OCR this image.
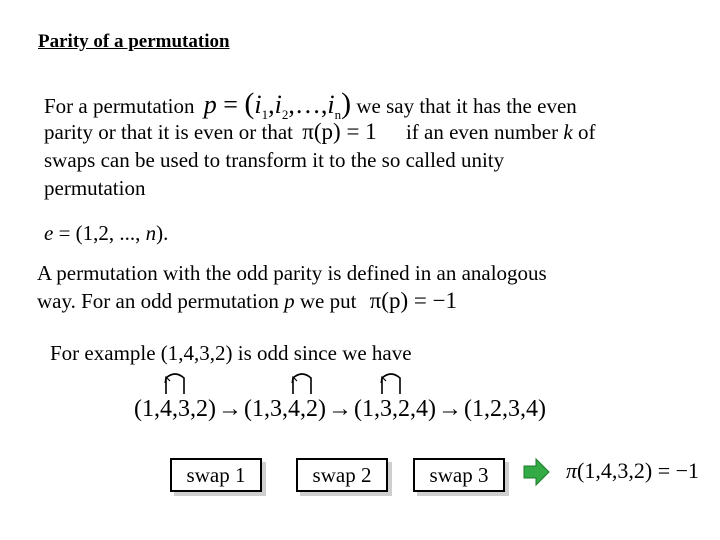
Parity of a permutation
For a permutation $p = (i_1,i_2,\dots,i_n)$ we say that it has the even
parity or that it is even or that π(p) = 1 if an even number k of
swaps can be used to transform it to the so called unity
permutation
e = (1,2, ..., n).
A permutation with the odd parity is defined in an analogous
way. For an odd permutation p we put π(p) = −1
For example (1,4,3,2) is odd since we have
(1,4,3,2)→(1,3,4,2)→(1,3,2,4)→(1,2,3,4)
swap 1	swap 2	swap 3	π(1,4,3,2) = −1
